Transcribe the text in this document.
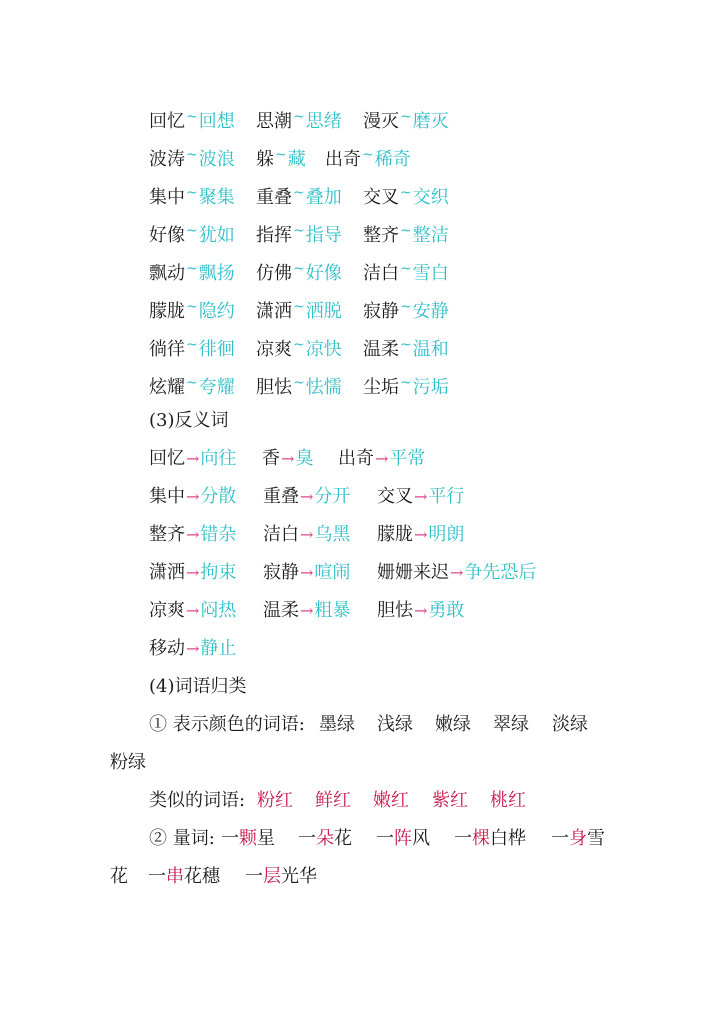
回忆~回想 思潮~思绪 漫灭~磨灭
波涛~波浪 躲~藏 出奇~稀奇
集中~聚集 重叠~叠加 交叉~交织
好像~犹如 指挥~指导 整齐~整洁
飘动~飘扬 仿佛~好像 洁白~雪白
朦胧~隐约 潇洒~洒脱 寂静~安静
徜徉~徘徊 凉爽~凉快 温柔~温和
炫耀~夸耀 胆怯~怯懦 尘垢~污垢
(3)反义词
回忆→向往 香→臭 出奇→平常
集中→分散 重叠→分开 交叉→平行
整齐→错杂 洁白→乌黑 朦胧→明朗
潇洒→拘束 寂静→喧闹 姗姗来迟→争先恐后
凉爽→闷热 温柔→粗暴 胆怯→勇敢
移动→静止
(4)词语归类
① 表示颜色的词语: 墨绿 浅绿 嫩绿 翠绿 淡绿
粉绿
类似的词语: 粉红 鲜红 嫩红 紫红 桃红
② 量词: 一颗星 一朵花 一阵风 一棵白桦 一身雪
花 一串花穗 一层光华
